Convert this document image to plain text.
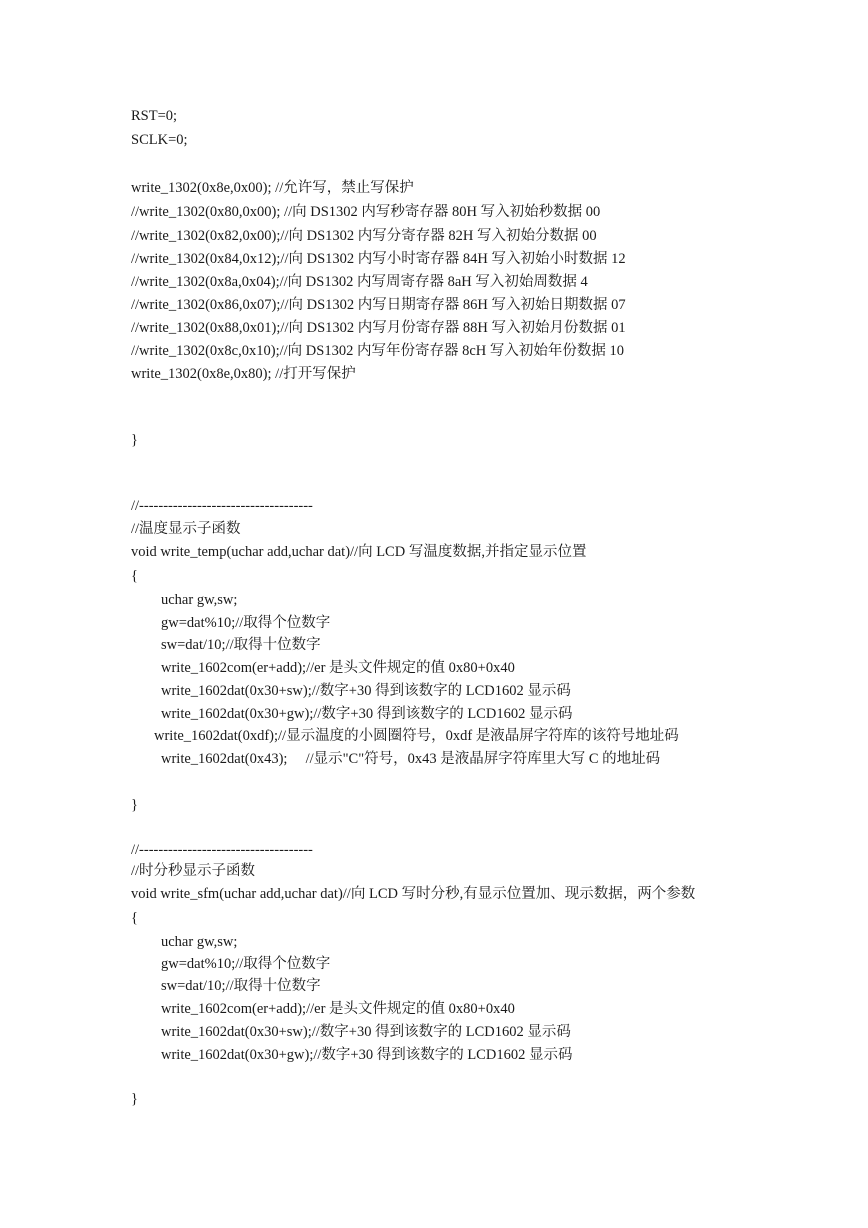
RST=0;
SCLK=0;
write_1302(0x8e,0x00); //允许写，禁止写保护
//write_1302(0x80,0x00); //向 DS1302 内写秒寄存器 80H 写入初始秒数据 00
//write_1302(0x82,0x00);//向 DS1302 内写分寄存器 82H 写入初始分数据 00
//write_1302(0x84,0x12);//向 DS1302 内写小时寄存器 84H 写入初始小时数据 12
//write_1302(0x8a,0x04);//向 DS1302 内写周寄存器 8aH 写入初始周数据 4
//write_1302(0x86,0x07);//向 DS1302 内写日期寄存器 86H 写入初始日期数据 07
//write_1302(0x88,0x01);//向 DS1302 内写月份寄存器 88H 写入初始月份数据 01
//write_1302(0x8c,0x10);//向 DS1302 内写年份寄存器 8cH 写入初始年份数据 10
write_1302(0x8e,0x80); //打开写保护
}
//------------------------------------
//温度显示子函数
void write_temp(uchar add,uchar dat)//向 LCD 写温度数据,并指定显示位置
{
uchar gw,sw;
gw=dat%10;//取得个位数字
sw=dat/10;//取得十位数字
write_1602com(er+add);//er 是头文件规定的值 0x80+0x40
write_1602dat(0x30+sw);//数字+30 得到该数字的 LCD1602 显示码
write_1602dat(0x30+gw);//数字+30 得到该数字的 LCD1602 显示码
write_1602dat(0xdf);//显示温度的小圆圈符号，0xdf 是液晶屏字符库的该符号地址码
write_1602dat(0x43);     //显示"C"符号，0x43 是液晶屏字符库里大写 C 的地址码
}
//------------------------------------
//时分秒显示子函数
void write_sfm(uchar add,uchar dat)//向 LCD 写时分秒,有显示位置加、现示数据，两个参数
{
uchar gw,sw;
gw=dat%10;//取得个位数字
sw=dat/10;//取得十位数字
write_1602com(er+add);//er 是头文件规定的值 0x80+0x40
write_1602dat(0x30+sw);//数字+30 得到该数字的 LCD1602 显示码
write_1602dat(0x30+gw);//数字+30 得到该数字的 LCD1602 显示码
}
